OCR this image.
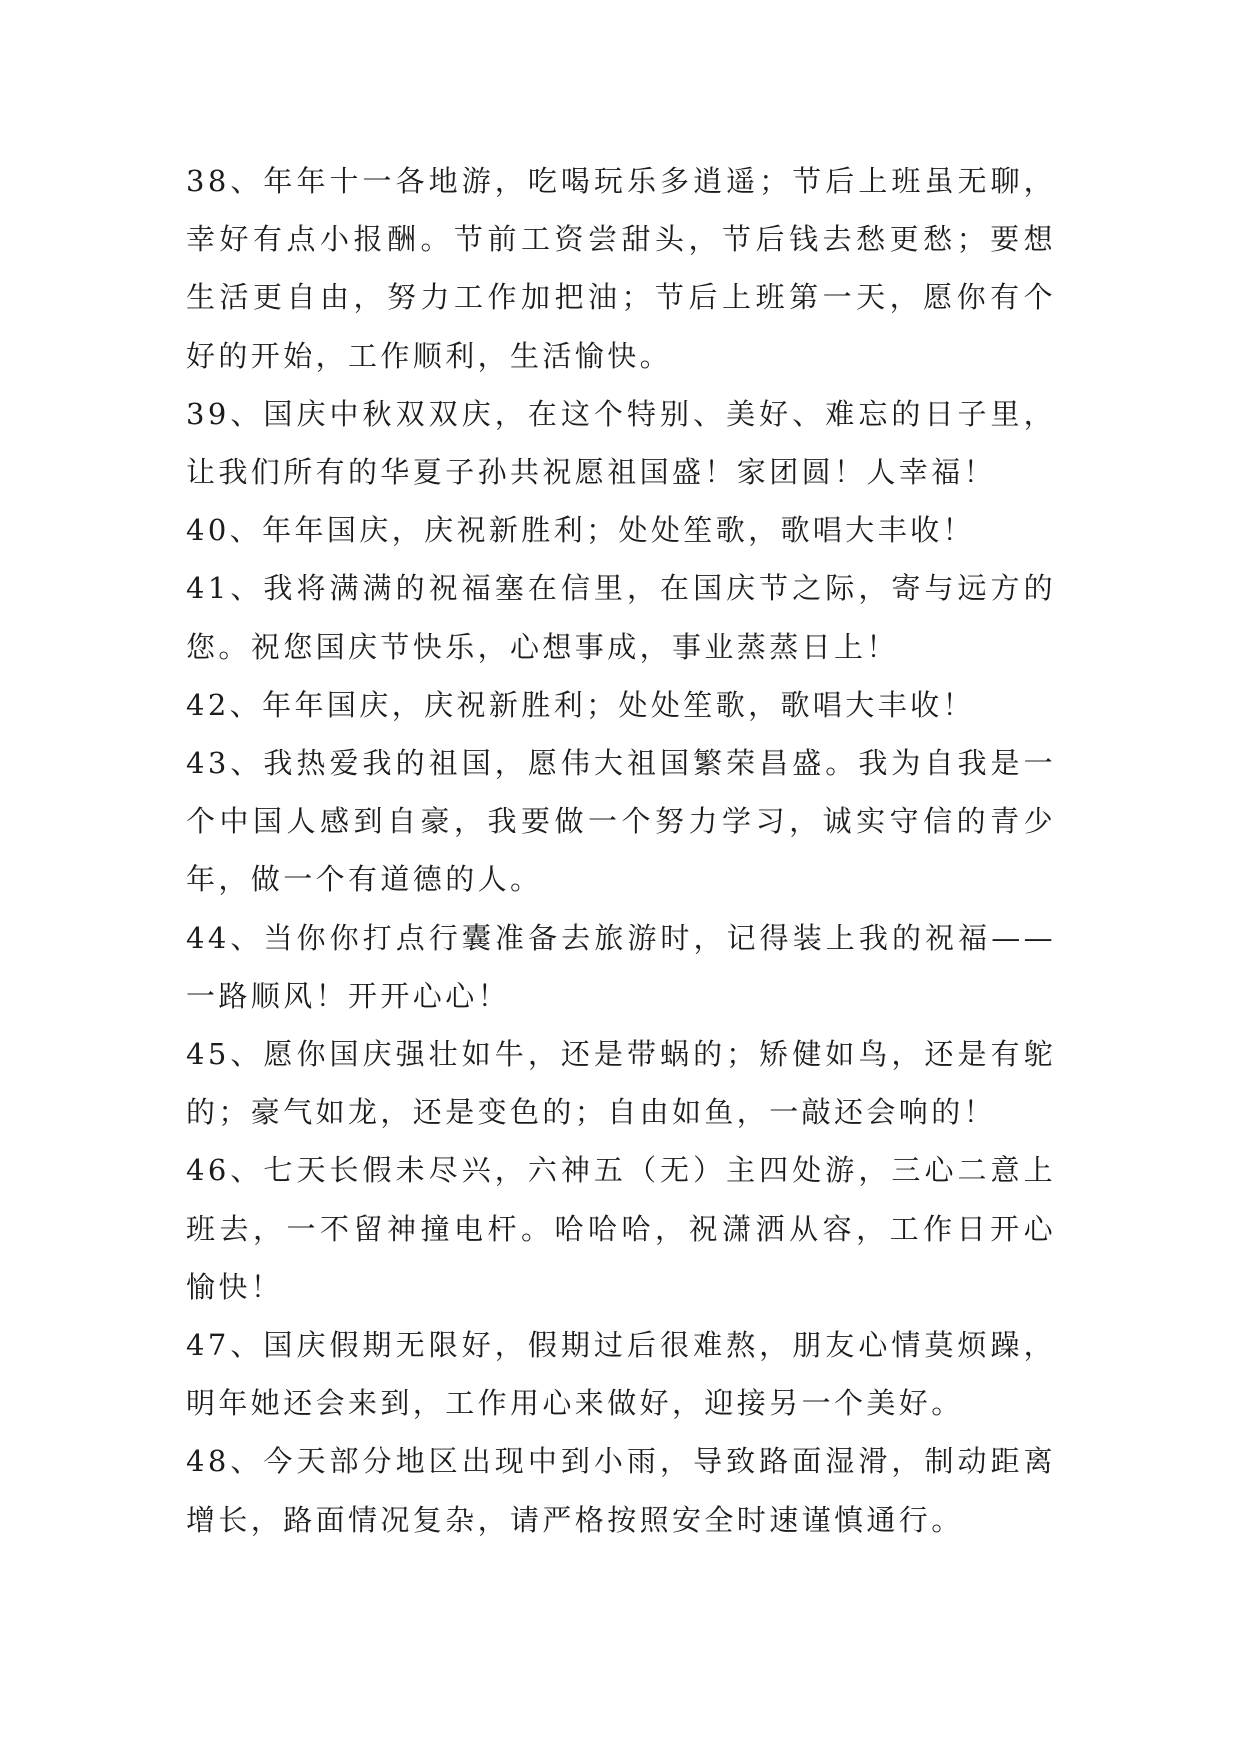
38、年年十一各地游，吃喝玩乐多逍遥；节后上班虽无聊，幸好有点小报酬。节前工资尝甜头，节后钱去愁更愁；要想生活更自由，努力工作加把油；节后上班第一天，愿你有个好的开始，工作顺利，生活愉快。

39、国庆中秋双双庆，在这个特别、美好、难忘的日子里，让我们所有的华夏子孙共祝愿祖国盛！家团圆！人幸福！

40、年年国庆，庆祝新胜利；处处笙歌，歌唱大丰收！

41、我将满满的祝福塞在信里，在国庆节之际，寄与远方的您。祝您国庆节快乐，心想事成，事业蒸蒸日上！

42、年年国庆，庆祝新胜利；处处笙歌，歌唱大丰收！

43、我热爱我的祖国，愿伟大祖国繁荣昌盛。我为自我是一个中国人感到自豪，我要做一个努力学习，诚实守信的青少年，做一个有道德的人。

44、当你你打点行囊准备去旅游时，记得装上我的祝福——一路顺风！开开心心！

45、愿你国庆强壮如牛，还是带蜗的；矫健如鸟，还是有鸵的；豪气如龙，还是变色的；自由如鱼，一敲还会响的！

46、七天长假未尽兴，六神五（无）主四处游，三心二意上班去，一不留神撞电杆。哈哈哈，祝潇洒从容，工作日开心愉快！

47、国庆假期无限好，假期过后很难熬，朋友心情莫烦躁，明年她还会来到，工作用心来做好，迎接另一个美好。

48、今天部分地区出现中到小雨，导致路面湿滑，制动距离增长，路面情况复杂，请严格按照安全时速谨慎通行。
